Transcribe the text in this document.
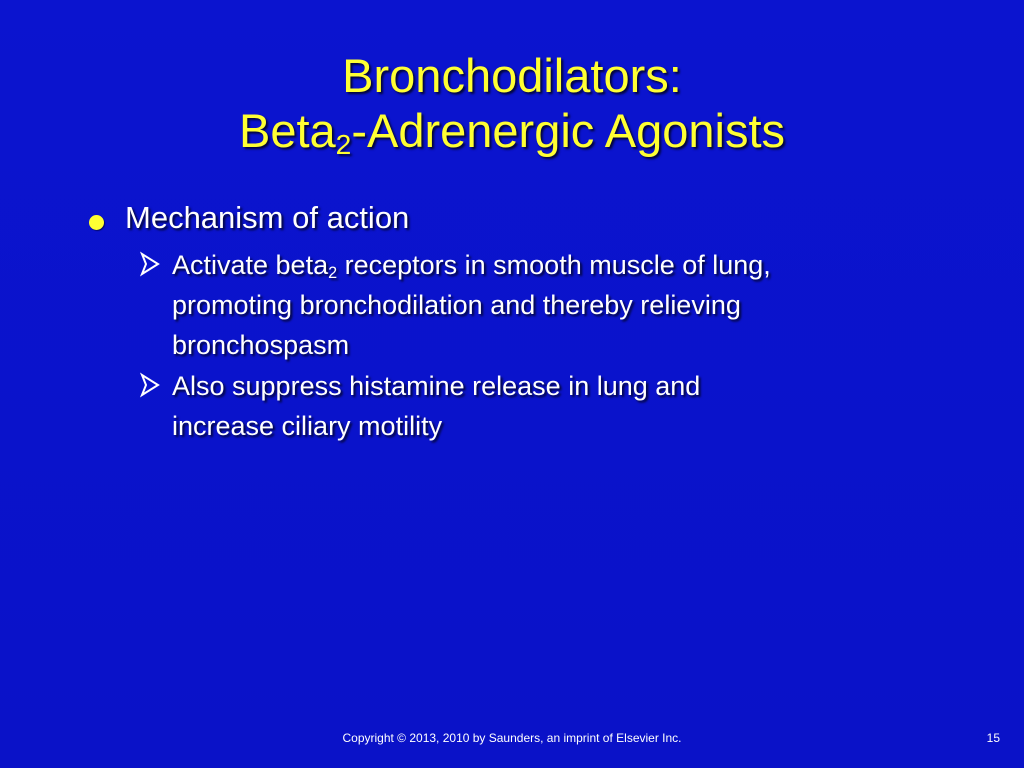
Bronchodilators:
Beta$_2$-Adrenergic Agonists
Mechanism of action
Activate beta$_2$ receptors in smooth muscle of lung,
promoting bronchodilation and thereby relieving
bronchospasm
Also suppress histamine release in lung and
increase ciliary motility
Copyright © 2013, 2010 by Saunders, an imprint of Elsevier Inc.	15
